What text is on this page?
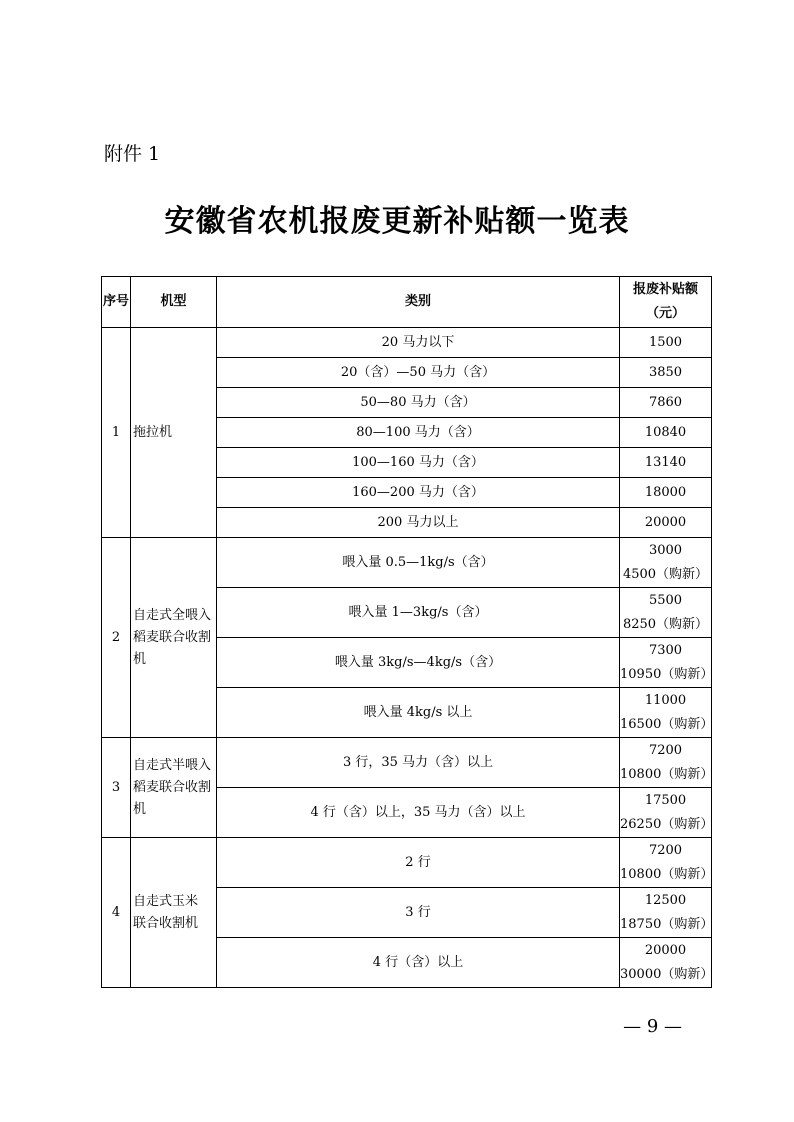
附件 1
安徽省农机报废更新补贴额一览表
序号	机型	类别	报废补贴额
（元）

1	拖拉机	20 马力以下	1500
		20（含）—50 马力（含）	3850
		50—80 马力（含）	7860
		80—100 马力（含）	10840
		100—160 马力（含）	13140
		160—200 马力（含）	18000
		200 马力以上	20000
2	自走式全喂入
稻麦联合收割
机	喂入量 0.5—1kg/s（含）	3000
4500（购新）

		喂入量 1—3kg/s（含）	5500
8250（购新）

		喂入量 3kg/s—4kg/s（含）	7300
10950（购新）

		喂入量 4kg/s 以上	11000
16500（购新）

3	自走式半喂入
稻麦联合收割
机	3 行，35 马力（含）以上	7200
10800（购新）

		4 行（含）以上，35 马力（含）以上	17500
26250（购新）

4	自走式玉米
联合收割机	2 行	7200
10800（购新）

		3 行	12500
18750（购新）

		4 行（含）以上	20000
30000（购新）
— 9 —
